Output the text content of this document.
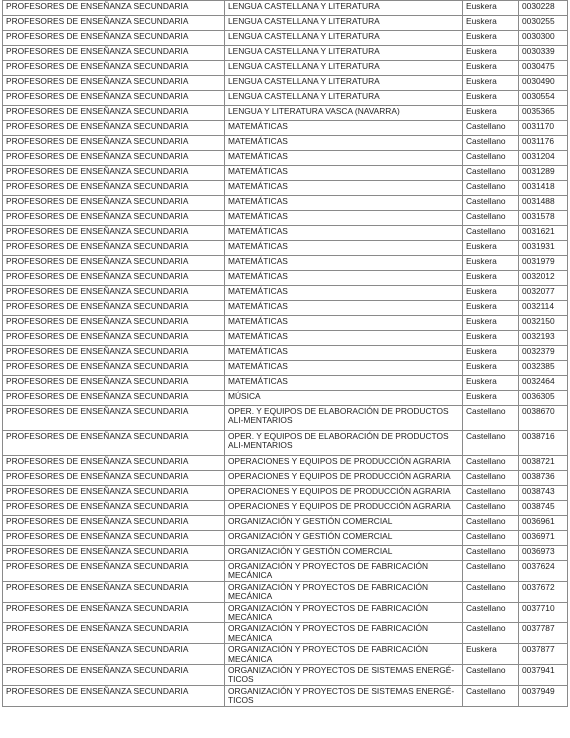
PROFESORES DE ENSEÑANZA SECUNDARIA	LENGUA CASTELLANA Y LITERATURA	Euskera	0030228
PROFESORES DE ENSEÑANZA SECUNDARIA	LENGUA CASTELLANA Y LITERATURA	Euskera	0030255
PROFESORES DE ENSEÑANZA SECUNDARIA	LENGUA CASTELLANA Y LITERATURA	Euskera	0030300
PROFESORES DE ENSEÑANZA SECUNDARIA	LENGUA CASTELLANA Y LITERATURA	Euskera	0030339
PROFESORES DE ENSEÑANZA SECUNDARIA	LENGUA CASTELLANA Y LITERATURA	Euskera	0030475
PROFESORES DE ENSEÑANZA SECUNDARIA	LENGUA CASTELLANA Y LITERATURA	Euskera	0030490
PROFESORES DE ENSEÑANZA SECUNDARIA	LENGUA CASTELLANA Y LITERATURA	Euskera	0030554
PROFESORES DE ENSEÑANZA SECUNDARIA	LENGUA Y LITERATURA VASCA (NAVARRA)	Euskera	0035365
PROFESORES DE ENSEÑANZA SECUNDARIA	MATEMÁTICAS	Castellano	0031170
PROFESORES DE ENSEÑANZA SECUNDARIA	MATEMÁTICAS	Castellano	0031176
PROFESORES DE ENSEÑANZA SECUNDARIA	MATEMÁTICAS	Castellano	0031204
PROFESORES DE ENSEÑANZA SECUNDARIA	MATEMÁTICAS	Castellano	0031289
PROFESORES DE ENSEÑANZA SECUNDARIA	MATEMÁTICAS	Castellano	0031418
PROFESORES DE ENSEÑANZA SECUNDARIA	MATEMÁTICAS	Castellano	0031488
PROFESORES DE ENSEÑANZA SECUNDARIA	MATEMÁTICAS	Castellano	0031578
PROFESORES DE ENSEÑANZA SECUNDARIA	MATEMÁTICAS	Castellano	0031621
PROFESORES DE ENSEÑANZA SECUNDARIA	MATEMÁTICAS	Euskera	0031931
PROFESORES DE ENSEÑANZA SECUNDARIA	MATEMÁTICAS	Euskera	0031979
PROFESORES DE ENSEÑANZA SECUNDARIA	MATEMÁTICAS	Euskera	0032012
PROFESORES DE ENSEÑANZA SECUNDARIA	MATEMÁTICAS	Euskera	0032077
PROFESORES DE ENSEÑANZA SECUNDARIA	MATEMÁTICAS	Euskera	0032114
PROFESORES DE ENSEÑANZA SECUNDARIA	MATEMÁTICAS	Euskera	0032150
PROFESORES DE ENSEÑANZA SECUNDARIA	MATEMÁTICAS	Euskera	0032193
PROFESORES DE ENSEÑANZA SECUNDARIA	MATEMÁTICAS	Euskera	0032379
PROFESORES DE ENSEÑANZA SECUNDARIA	MATEMÁTICAS	Euskera	0032385
PROFESORES DE ENSEÑANZA SECUNDARIA	MATEMÁTICAS	Euskera	0032464
PROFESORES DE ENSEÑANZA SECUNDARIA	MÚSICA	Euskera	0036305
PROFESORES DE ENSEÑANZA SECUNDARIA	OPER. Y EQUIPOS DE ELABORACIÓN DE PRODUCTOS ALI-MENTARIOS	Castellano	0038670
PROFESORES DE ENSEÑANZA SECUNDARIA	OPER. Y EQUIPOS DE ELABORACIÓN DE PRODUCTOS ALI-MENTARIOS	Castellano	0038716
PROFESORES DE ENSEÑANZA SECUNDARIA	OPERACIONES Y EQUIPOS DE PRODUCCIÓN AGRARIA	Castellano	0038721
PROFESORES DE ENSEÑANZA SECUNDARIA	OPERACIONES Y EQUIPOS DE PRODUCCIÓN AGRARIA	Castellano	0038736
PROFESORES DE ENSEÑANZA SECUNDARIA	OPERACIONES Y EQUIPOS DE PRODUCCIÓN AGRARIA	Castellano	0038743
PROFESORES DE ENSEÑANZA SECUNDARIA	OPERACIONES Y EQUIPOS DE PRODUCCIÓN AGRARIA	Castellano	0038745
PROFESORES DE ENSEÑANZA SECUNDARIA	ORGANIZACIÓN Y GESTIÓN COMERCIAL	Castellano	0036961
PROFESORES DE ENSEÑANZA SECUNDARIA	ORGANIZACIÓN Y GESTIÓN COMERCIAL	Castellano	0036971
PROFESORES DE ENSEÑANZA SECUNDARIA	ORGANIZACIÓN Y GESTIÓN COMERCIAL	Castellano	0036973
PROFESORES DE ENSEÑANZA SECUNDARIA	ORGANIZACIÓN Y PROYECTOS DE FABRICACIÓN MECÁNICA	Castellano	0037624
PROFESORES DE ENSEÑANZA SECUNDARIA	ORGANIZACIÓN Y PROYECTOS DE FABRICACIÓN MECÁNICA	Castellano	0037672
PROFESORES DE ENSEÑANZA SECUNDARIA	ORGANIZACIÓN Y PROYECTOS DE FABRICACIÓN MECÁNICA	Castellano	0037710
PROFESORES DE ENSEÑANZA SECUNDARIA	ORGANIZACIÓN Y PROYECTOS DE FABRICACIÓN MECÁNICA	Castellano	0037787
PROFESORES DE ENSEÑANZA SECUNDARIA	ORGANIZACIÓN Y PROYECTOS DE FABRICACIÓN MECÁNICA	Euskera	0037877
PROFESORES DE ENSEÑANZA SECUNDARIA	ORGANIZACIÓN Y PROYECTOS DE SISTEMAS ENERGÉ-TICOS	Castellano	0037941
PROFESORES DE ENSEÑANZA SECUNDARIA	ORGANIZACIÓN Y PROYECTOS DE SISTEMAS ENERGÉ-TICOS	Castellano	0037949
